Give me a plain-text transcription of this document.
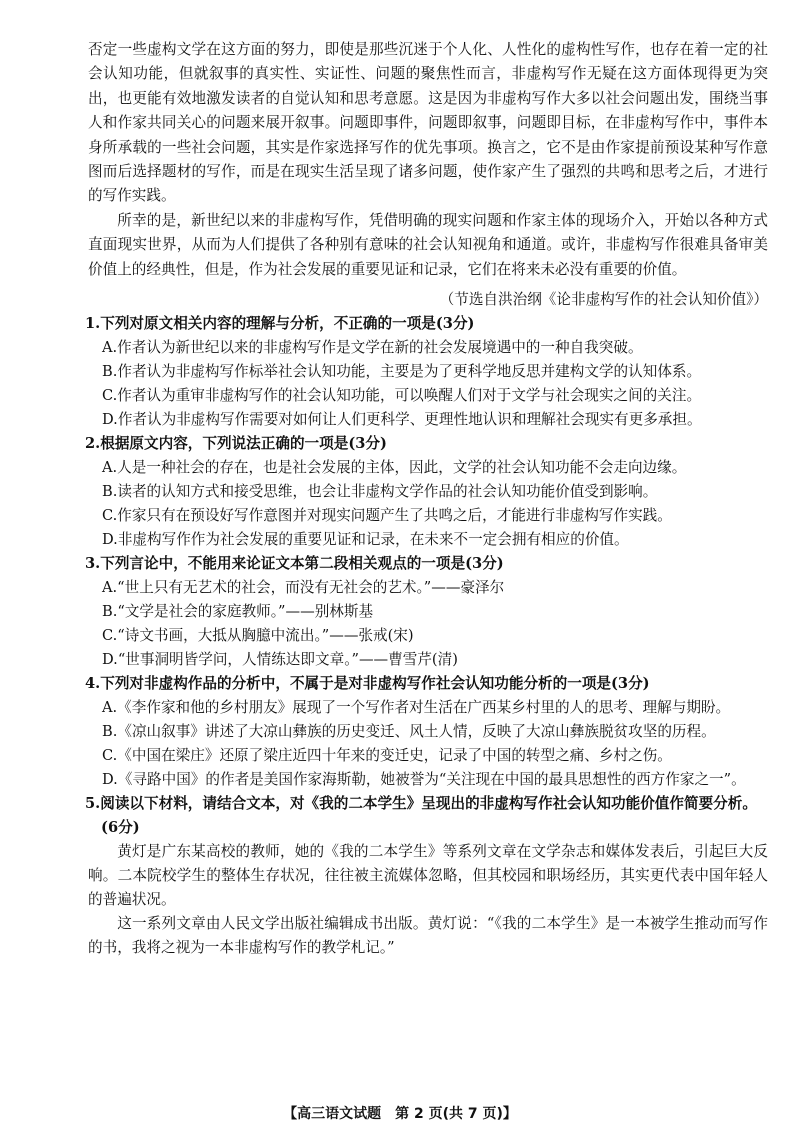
否定一些虚构文学在这方面的努力，即使是那些沉迷于个人化、人性化的虚构性写作，也存在着一定的社会认知功能，但就叙事的真实性、实证性、问题的聚焦性而言，非虚构写作无疑在这方面体现得更为突出，也更能有效地激发读者的自觉认知和思考意愿。这是因为非虚构写作大多以社会问题出发，围绕当事人和作家共同关心的问题来展开叙事。问题即事件，问题即叙事，问题即目标，在非虚构写作中，事件本身所承载的一些社会问题，其实是作家选择写作的优先事项。换言之，它不是由作家提前预设某种写作意图而后选择题材的写作，而是在现实生活呈现了诸多问题，使作家产生了强烈的共鸣和思考之后，才进行的写作实践。

所幸的是，新世纪以来的非虚构写作，凭借明确的现实问题和作家主体的现场介入，开始以各种方式直面现实世界，从而为人们提供了各种别有意味的社会认知视角和通道。或许，非虚构写作很难具备审美价值上的经典性，但是，作为社会发展的重要见证和记录，它们在将来未必没有重要的价值。

（节选自洪治纲《论非虚构写作的社会认知价值》）

1.下列对原文相关内容的理解与分析，不正确的一项是(3分)

A.作者认为新世纪以来的非虚构写作是文学在新的社会发展境遇中的一种自我突破。

B.作者认为非虚构写作标举社会认知功能，主要是为了更科学地反思并建构文学的认知体系。

C.作者认为重审非虚构写作的社会认知功能，可以唤醒人们对于文学与社会现实之间的关注。

D.作者认为非虚构写作需要对如何让人们更科学、更理性地认识和理解社会现实有更多承担。

2.根据原文内容，下列说法正确的一项是(3分)

A.人是一种社会的存在，也是社会发展的主体，因此，文学的社会认知功能不会走向边缘。

B.读者的认知方式和接受思维，也会让非虚构文学作品的社会认知功能价值受到影响。

C.作家只有在预设好写作意图并对现实问题产生了共鸣之后，才能进行非虚构写作实践。

D.非虚构写作作为社会发展的重要见证和记录，在未来不一定会拥有相应的价值。

3.下列言论中，不能用来论证文本第二段相关观点的一项是(3分)

A.“世上只有无艺术的社会，而没有无社会的艺术。”——豪泽尔

B.“文学是社会的家庭教师。”——别林斯基

C.“诗文书画，大抵从胸臆中流出。”——张戒(宋)

D.“世事洞明皆学问，人情练达即文章。”——曹雪芹(清)

4.下列对非虚构作品的分析中，不属于是对非虚构写作社会认知功能分析的一项是(3分)

A.《李作家和他的乡村朋友》展现了一个写作者对生活在广西某乡村里的人的思考、理解与期盼。

B.《凉山叙事》讲述了大凉山彝族的历史变迁、风土人情，反映了大凉山彝族脱贫攻坚的历程。

C.《中国在梁庄》还原了梁庄近四十年来的变迁史，记录了中国的转型之痛、乡村之伤。

D.《寻路中国》的作者是美国作家海斯勒，她被誉为“关注现在中国的最具思想性的西方作家之一”。

5.阅读以下材料，请结合文本，对《我的二本学生》呈现出的非虚构写作社会认知功能价值作简要分析。(6分)

黄灯是广东某高校的教师，她的《我的二本学生》等系列文章在文学杂志和媒体发表后，引起巨大反响。二本院校学生的整体生存状况，往往被主流媒体忽略，但其校园和职场经历，其实更代表中国年轻人的普遍状况。

这一系列文章由人民文学出版社编辑成书出版。黄灯说：“《我的二本学生》是一本被学生推动而写作的书，我将之视为一本非虚构写作的教学札记。”

【高三语文试题　第 2 页(共 7 页)】
